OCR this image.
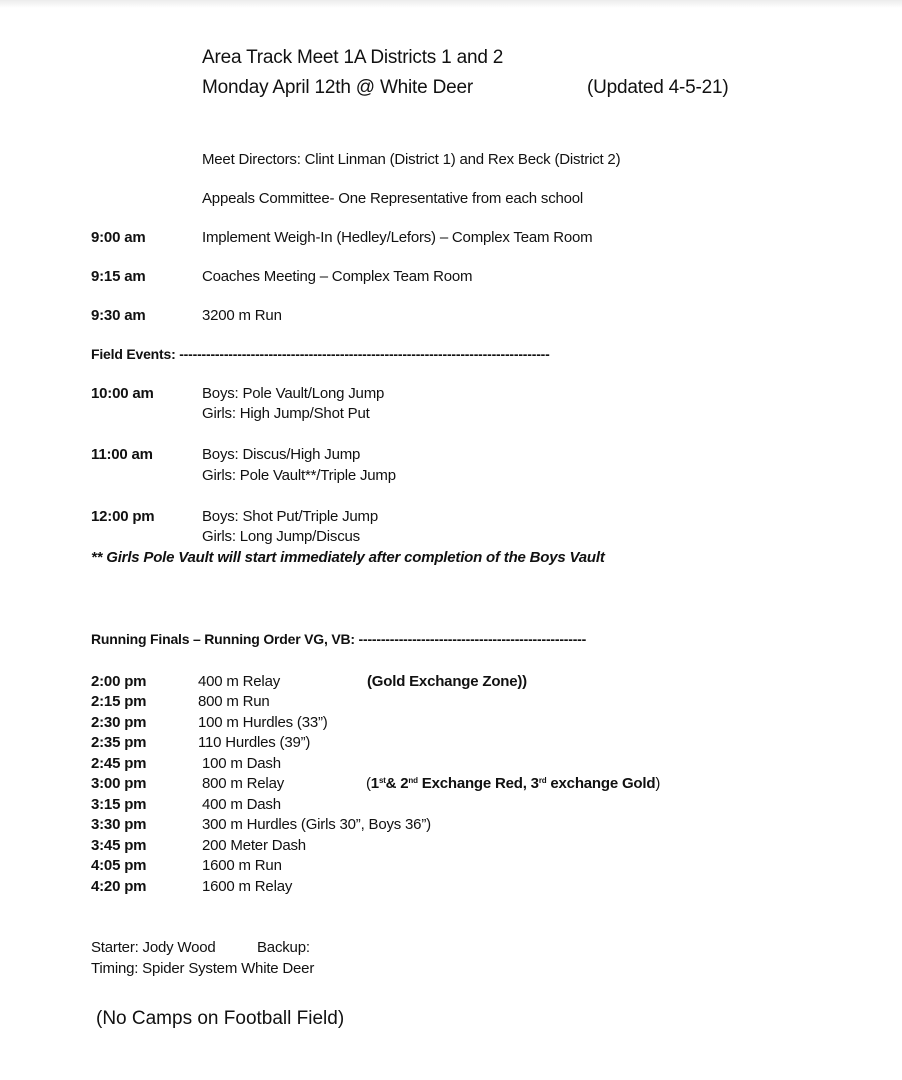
Area Track Meet 1A Districts 1 and 2
Monday April 12th @ White Deer	(Updated 4-5-21)
Meet Directors: Clint Linman (District 1) and Rex Beck (District 2)
Appeals Committee- One Representative from each school
9:00 am	Implement Weigh-In (Hedley/Lefors) – Complex Team Room
9:15 am	Coaches Meeting – Complex Team Room
9:30 am	3200 m Run
Field Events: -----------------------------------------------------------------------------------
10:00 am	Boys: Pole Vault/Long Jump
Girls: High Jump/Shot Put
11:00 am	Boys: Discus/High Jump
Girls: Pole Vault**/Triple Jump
12:00 pm	Boys: Shot Put/Triple Jump
Girls: Long Jump/Discus
** Girls Pole Vault will start immediately after completion of the Boys Vault
Running Finals – Running Order VG, VB: ---------------------------------------------------
2:00 pm	400 m Relay	(Gold Exchange Zone))
2:15 pm	800 m Run
2:30 pm	100 m Hurdles (33”)
2:35 pm	110 Hurdles (39”)
2:45 pm	100 m Dash
3:00 pm	800 m Relay	(1st& 2nd Exchange Red, 3rd exchange Gold)
3:15 pm	400 m Dash
3:30 pm	300 m Hurdles (Girls 30”, Boys 36”)
3:45 pm	200 Meter Dash
4:05 pm	1600 m Run
4:20 pm	1600 m Relay
Starter: Jody Wood	Backup:
Timing: Spider System White Deer
(No Camps on Football Field)
